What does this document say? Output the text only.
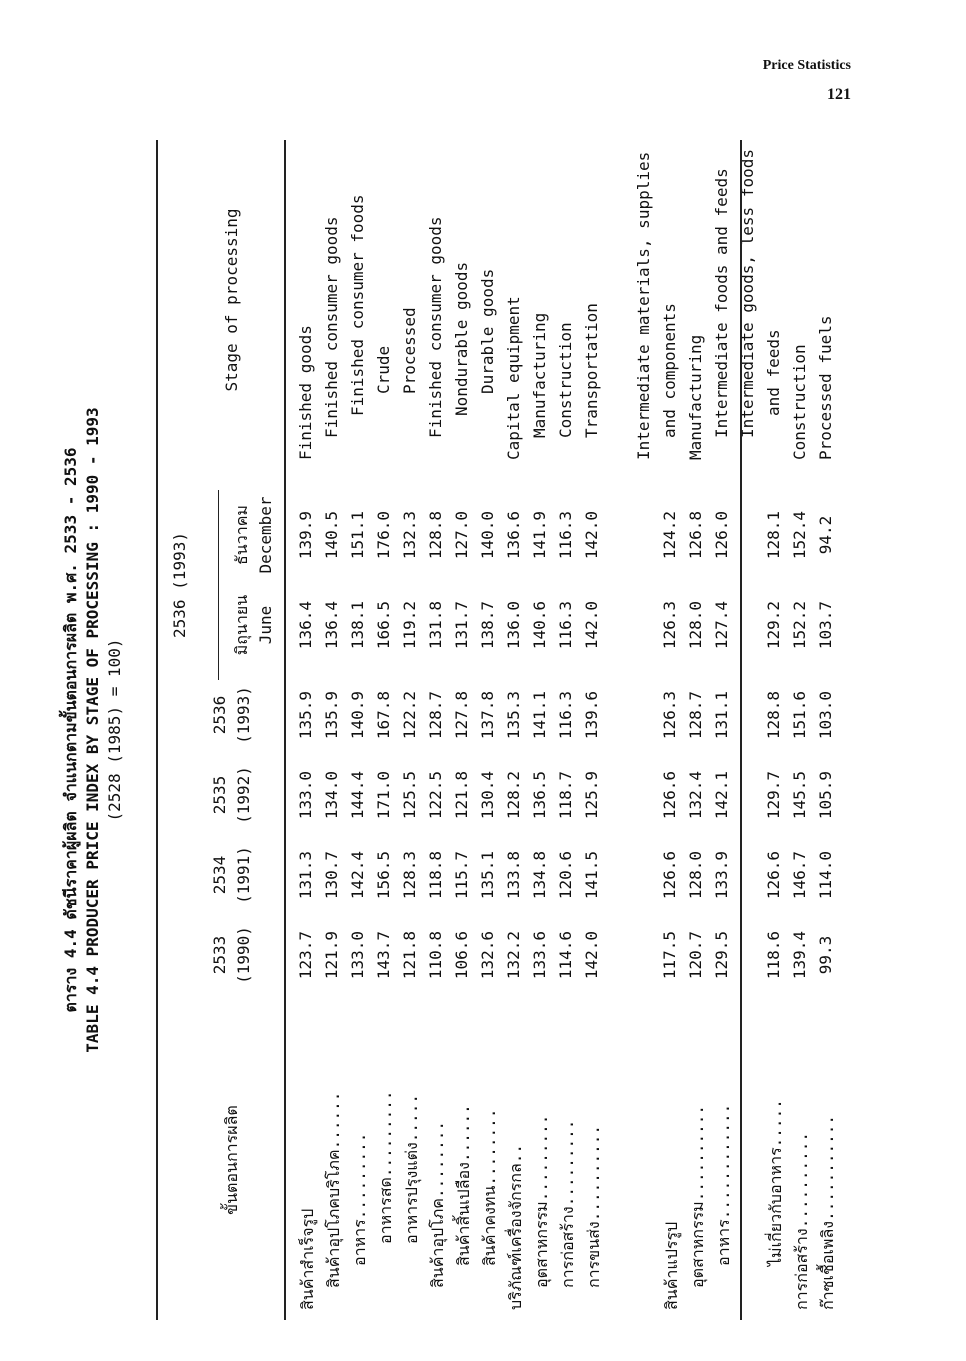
Price Statistics
121
ตาราง 4.4 ดัชนีราคาผู้ผลิต จำแนกตามขั้นตอนการผลิต พ.ศ. 2533 - 2536 TABLE 4.4 PRODUCER PRICE INDEX BY STAGE OF PROCESSING : 1990 - 1993 (2528 (1985) = 100)
ขั้นตอนการผลิต
2536 (1993)
Stage of processing
2533 (1990)
2534 (1991)
2535 (1992)
2536 (1993)
มิถุนายน June
ธันวาคม December
สินค้าสำเร็จรูป
123.7
131.3
133.0
135.9
136.4
139.9
Finished goods
สินค้าอุปโภคบริโภค......
121.9
130.7
134.0
135.9
136.4
140.5
Finished consumer goods
อาหาร.........
133.0
142.4
144.4
140.9
138.1
151.1
Finished consumer foods
อาหารสด.........
143.7
156.5
171.0
167.8
166.5
176.0
Crude
อาหารปรุงแต่ง.....
121.8
128.3
125.5
122.2
119.2
132.3
Processed
สินค้าอุปโภค........
110.8
118.8
122.5
128.7
131.8
128.8
Finished consumer goods
สินค้าสิ้นเปลือง......
106.6
115.7
121.8
127.8
131.7
127.0
Nondurable goods
สินค้าคงทน........
132.6
135.1
130.4
137.8
138.7
140.0
Durable goods
บริภัณฑ์เครื่องจักรกล..
132.2
133.8
128.2
135.3
136.0
136.6
Capital equipment
อุตสาหกรรม.........
133.6
134.8
136.5
141.1
140.6
141.9
Manufacturing
การก่อสร้าง.........
114.6
120.6
118.7
116.3
116.3
116.3
Construction
การขนส่ง..........
142.0
141.5
125.9
139.6
142.0
142.0
Transportation Intermediate materials, supplies
สินค้าแปรรูป
117.5
126.6
126.6
126.3
126.3
124.2
and components
อุตสาหกรรม..........
120.7
128.0
132.4
128.7
128.0
126.8
Manufacturing
อาหาร............
129.5
133.9
142.1
131.1
127.4
126.0
Intermediate foods and feeds Intermediate goods, less foods
ไม่เกี่ยวกับอาหาร.....
118.6
126.6
129.7
128.8
129.2
128.1
and feeds
การก่อสร้าง..........
139.4
146.7
145.5
151.6
152.2
152.4
Construction
ก๊าซเชื้อเพลิง...........
99.3
114.0
105.9
103.0
103.7
94.2
Processed fuels
